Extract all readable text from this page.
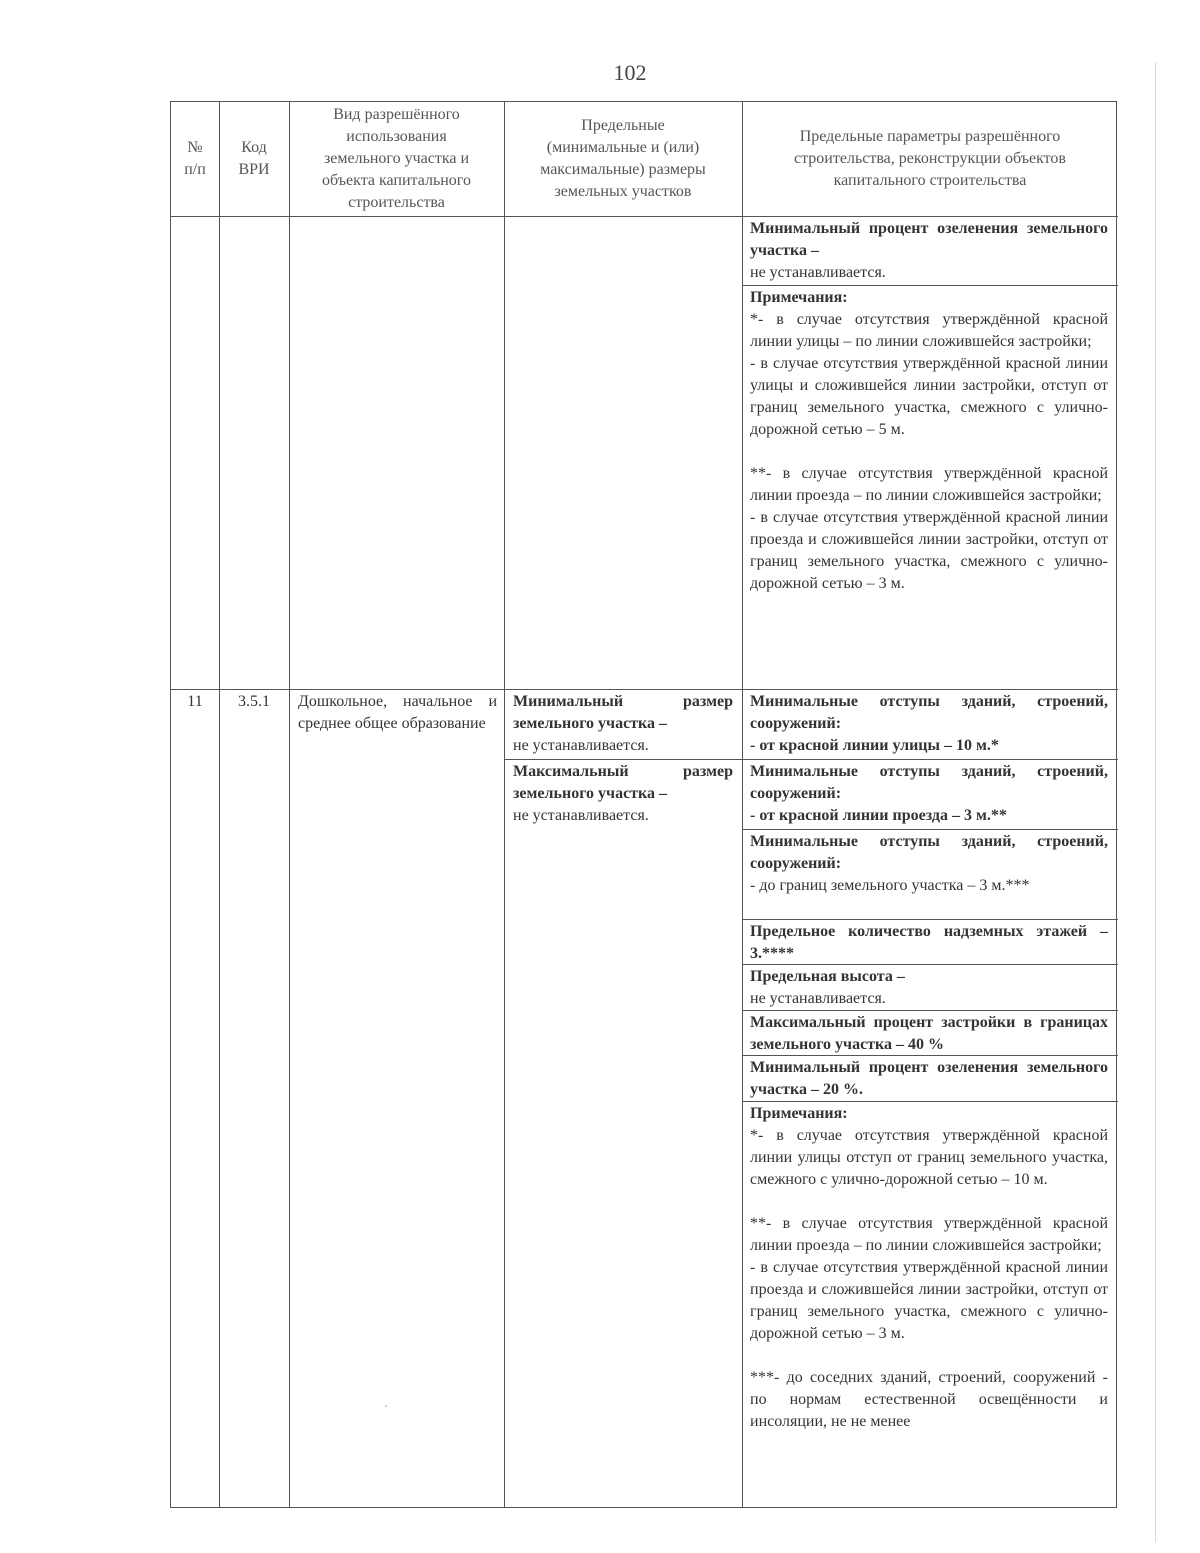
102
№
п/п
Код
ВРИ
Вид разрешённого
использования
земельного участка и
объекта капитального
строительства
Предельные
(минимальные и (или)
максимальные) размеры
земельных участков
Предельные параметры разрешённого
строительства, реконструкции объектов
капитального строительства
Минимальный процент озеленения земельного участка –
не устанавливается.
Примечания:
*- в случае отсутствия утверждённой красной линии улицы – по линии сложившейся застройки;
- в случае отсутствия утверждённой красной линии улицы и сложившейся линии застройки, отступ от границ земельного участка, смежного с улично-дорожной сетью – 5 м.

**- в случае отсутствия утверждённой красной линии проезда – по линии сложившейся застройки;
- в случае отсутствия утверждённой красной линии проезда и сложившейся линии застройки, отступ от границ земельного участка, смежного с улично-дорожной сетью – 3 м.
11	3.5.1	Дошкольное, начальное и среднее общее образование
Минимальный размер земельного участка –
не устанавливается.
Максимальный размер земельного участка –
не устанавливается.
Минимальные отступы зданий, строений, сооружений:
- от красной линии улицы – 10 м.*
Минимальные отступы зданий, строений, сооружений:
- от красной линии проезда – 3 м.**
Минимальные отступы зданий, строений, сооружений:
- до границ земельного участка – 3 м.***
Предельное количество надземных этажей – 3.****
Предельная высота –
не устанавливается.
Максимальный процент застройки в границах земельного участка – 40 %
Минимальный процент озеленения земельного участка – 20 %.
Примечания:
*- в случае отсутствия утверждённой красной линии улицы отступ от границ земельного участка, смежного с улично-дорожной сетью – 10 м.

**- в случае отсутствия утверждённой красной линии проезда – по линии сложившейся застройки;
- в случае отсутствия утверждённой красной линии проезда и сложившейся линии застройки, отступ от границ земельного участка, смежного с улично-дорожной сетью – 3 м.

***- до соседних зданий, строений, сооружений - по нормам естественной освещённости и инсоляции, не не менее
